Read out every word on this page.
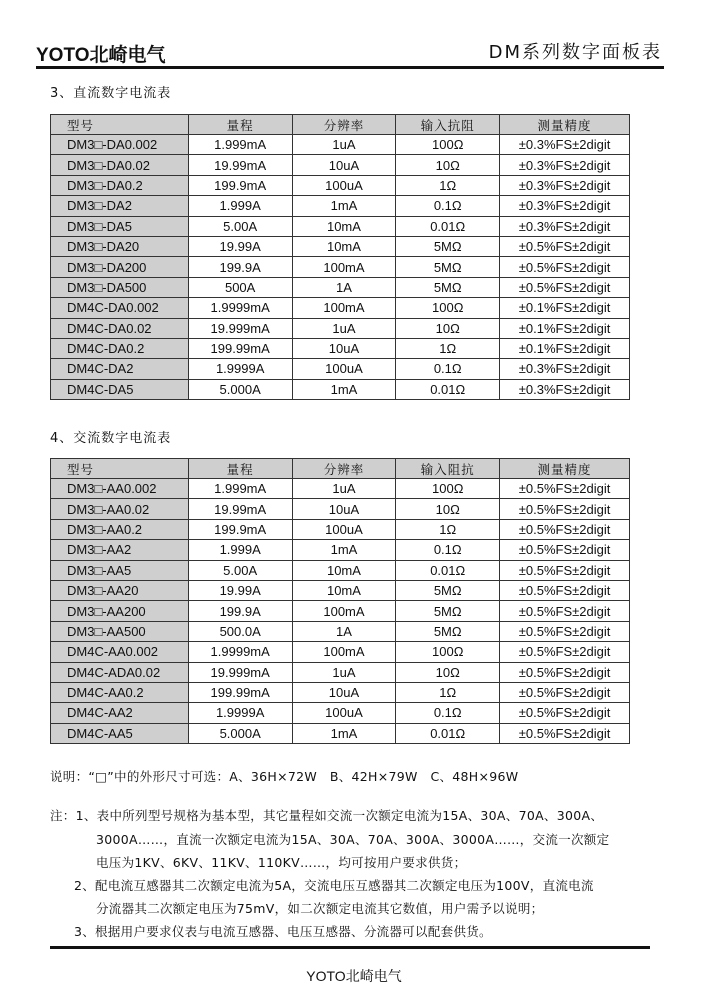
YOTO北崎电气	DM系列数字面板表
3、直流数字电流表
型号	量程	分辨率	输入抗阻	测量精度
DM3□-DA0.002	1.999mA	1uA	100Ω	±0.3%FS±2digit
DM3□-DA0.02	19.99mA	10uA	10Ω	±0.3%FS±2digit
DM3□-DA0.2	199.9mA	100uA	1Ω	±0.3%FS±2digit
DM3□-DA2	1.999A	1mA	0.1Ω	±0.3%FS±2digit
DM3□-DA5	5.00A	10mA	0.01Ω	±0.3%FS±2digit
DM3□-DA20	19.99A	10mA	5MΩ	±0.5%FS±2digit
DM3□-DA200	199.9A	100mA	5MΩ	±0.5%FS±2digit
DM3□-DA500	500A	1A	5MΩ	±0.5%FS±2digit
DM4C-DA0.002	1.9999mA	100mA	100Ω	±0.1%FS±2digit
DM4C-DA0.02	19.999mA	1uA	10Ω	±0.1%FS±2digit
DM4C-DA0.2	199.99mA	10uA	1Ω	±0.1%FS±2digit
DM4C-DA2	1.9999A	100uA	0.1Ω	±0.3%FS±2digit
DM4C-DA5	5.000A	1mA	0.01Ω	±0.3%FS±2digit
4、交流数字电流表
型号	量程	分辨率	输入阻抗	测量精度
DM3□-AA0.002	1.999mA	1uA	100Ω	±0.5%FS±2digit
DM3□-AA0.02	19.99mA	10uA	10Ω	±0.5%FS±2digit
DM3□-AA0.2	199.9mA	100uA	1Ω	±0.5%FS±2digit
DM3□-AA2	1.999A	1mA	0.1Ω	±0.5%FS±2digit
DM3□-AA5	5.00A	10mA	0.01Ω	±0.5%FS±2digit
DM3□-AA20	19.99A	10mA	5MΩ	±0.5%FS±2digit
DM3□-AA200	199.9A	100mA	5MΩ	±0.5%FS±2digit
DM3□-AA500	500.0A	1A	5MΩ	±0.5%FS±2digit
DM4C-AA0.002	1.9999mA	100mA	100Ω	±0.5%FS±2digit
DM4C-ADA0.02	19.999mA	1uA	10Ω	±0.5%FS±2digit
DM4C-AA0.2	199.99mA	10uA	1Ω	±0.5%FS±2digit
DM4C-AA2	1.9999A	100uA	0.1Ω	±0.5%FS±2digit
DM4C-AA5	5.000A	1mA	0.01Ω	±0.5%FS±2digit
说明：“□”中的外形尺寸可选：A、36H×72W　B、42H×79W　C、48H×96W
注：1、表中所列型号规格为基本型，其它量程如交流一次额定电流为15A、30A、70A、300A、
3000A……，直流一次额定电流为15A、30A、70A、300A、3000A……，交流一次额定
电压为1KV、6KV、11KV、110KV……，均可按用户要求供货；
2、配电流互感器其二次额定电流为5A，交流电压互感器其二次额定电压为100V，直流电流
分流器其二次额定电压为75mV，如二次额定电流其它数值，用户需予以说明；
3、根据用户要求仪表与电流互感器、电压互感器、分流器可以配套供货。
YOTO北崎电气
